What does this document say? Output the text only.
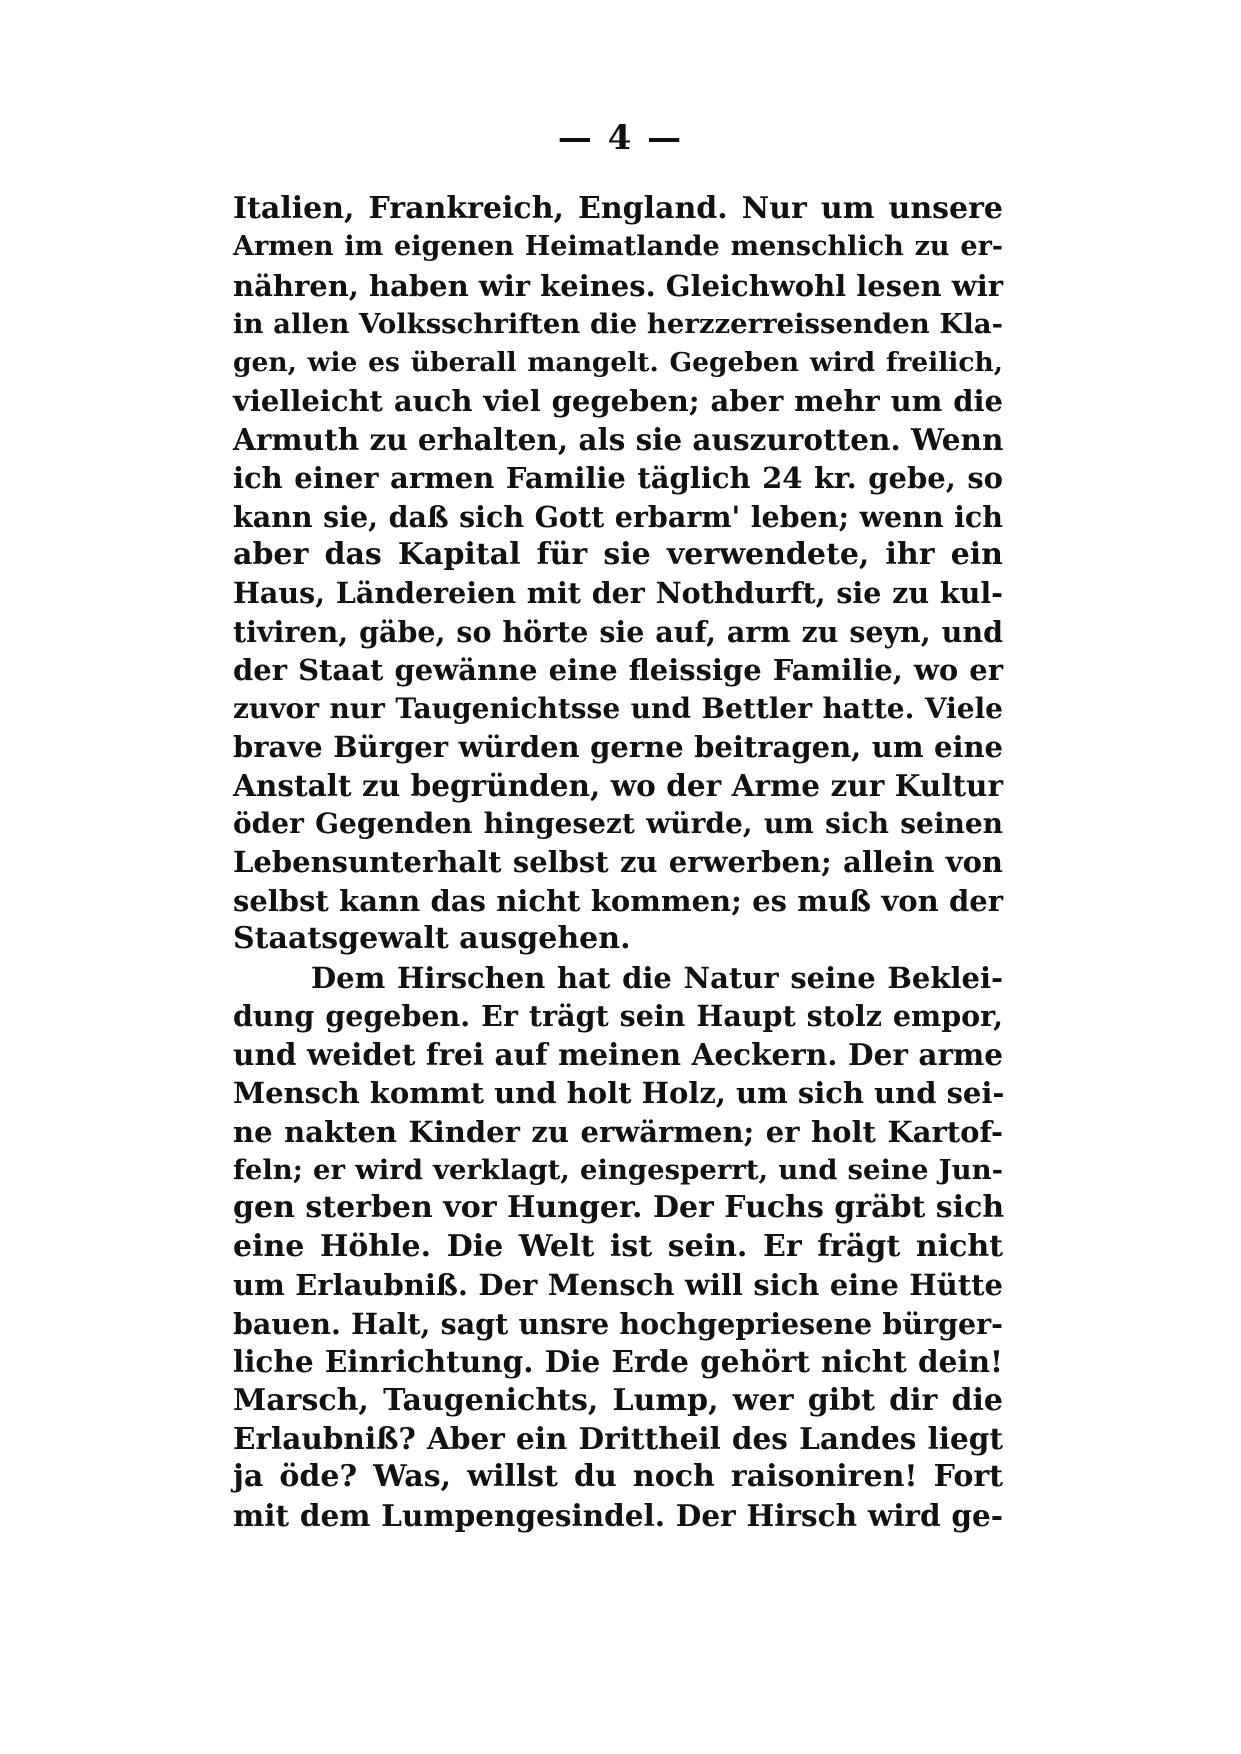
— 4 —
Italien, Frankreich, England. Nur um unsere
Armen im eigenen Heimatlande menschlich zu er-
nähren, haben wir keines. Gleichwohl lesen wir
in allen Volksschriften die herzzerreissenden Kla-
gen, wie es überall mangelt. Gegeben wird freilich,
vielleicht auch viel gegeben; aber mehr um die
Armuth zu erhalten, als sie auszurotten. Wenn
ich einer armen Familie täglich 24 kr. gebe, so
kann sie, daß sich Gott erbarm' leben; wenn ich
aber das Kapital für sie verwendete, ihr ein
Haus, Ländereien mit der Nothdurft, sie zu kul-
tiviren, gäbe, so hörte sie auf, arm zu seyn, und
der Staat gewänne eine fleissige Familie, wo er
zuvor nur Taugenichtsse und Bettler hatte. Viele
brave Bürger würden gerne beitragen, um eine
Anstalt zu begründen, wo der Arme zur Kultur
öder Gegenden hingesezt würde, um sich seinen
Lebensunterhalt selbst zu erwerben; allein von
selbst kann das nicht kommen; es muß von der
Staatsgewalt ausgehen.
Dem Hirschen hat die Natur seine Beklei-
dung gegeben. Er trägt sein Haupt stolz empor,
und weidet frei auf meinen Aeckern. Der arme
Mensch kommt und holt Holz, um sich und sei-
ne nakten Kinder zu erwärmen; er holt Kartof-
feln; er wird verklagt, eingesperrt, und seine Jun-
gen sterben vor Hunger. Der Fuchs gräbt sich
eine Höhle. Die Welt ist sein. Er frägt nicht
um Erlaubniß. Der Mensch will sich eine Hütte
bauen. Halt, sagt unsre hochgepriesene bürger-
liche Einrichtung. Die Erde gehört nicht dein!
Marsch, Taugenichts, Lump, wer gibt dir die
Erlaubniß? Aber ein Drittheil des Landes liegt
ja öde? Was, willst du noch raisoniren! Fort
mit dem Lumpengesindel. Der Hirsch wird ge-
